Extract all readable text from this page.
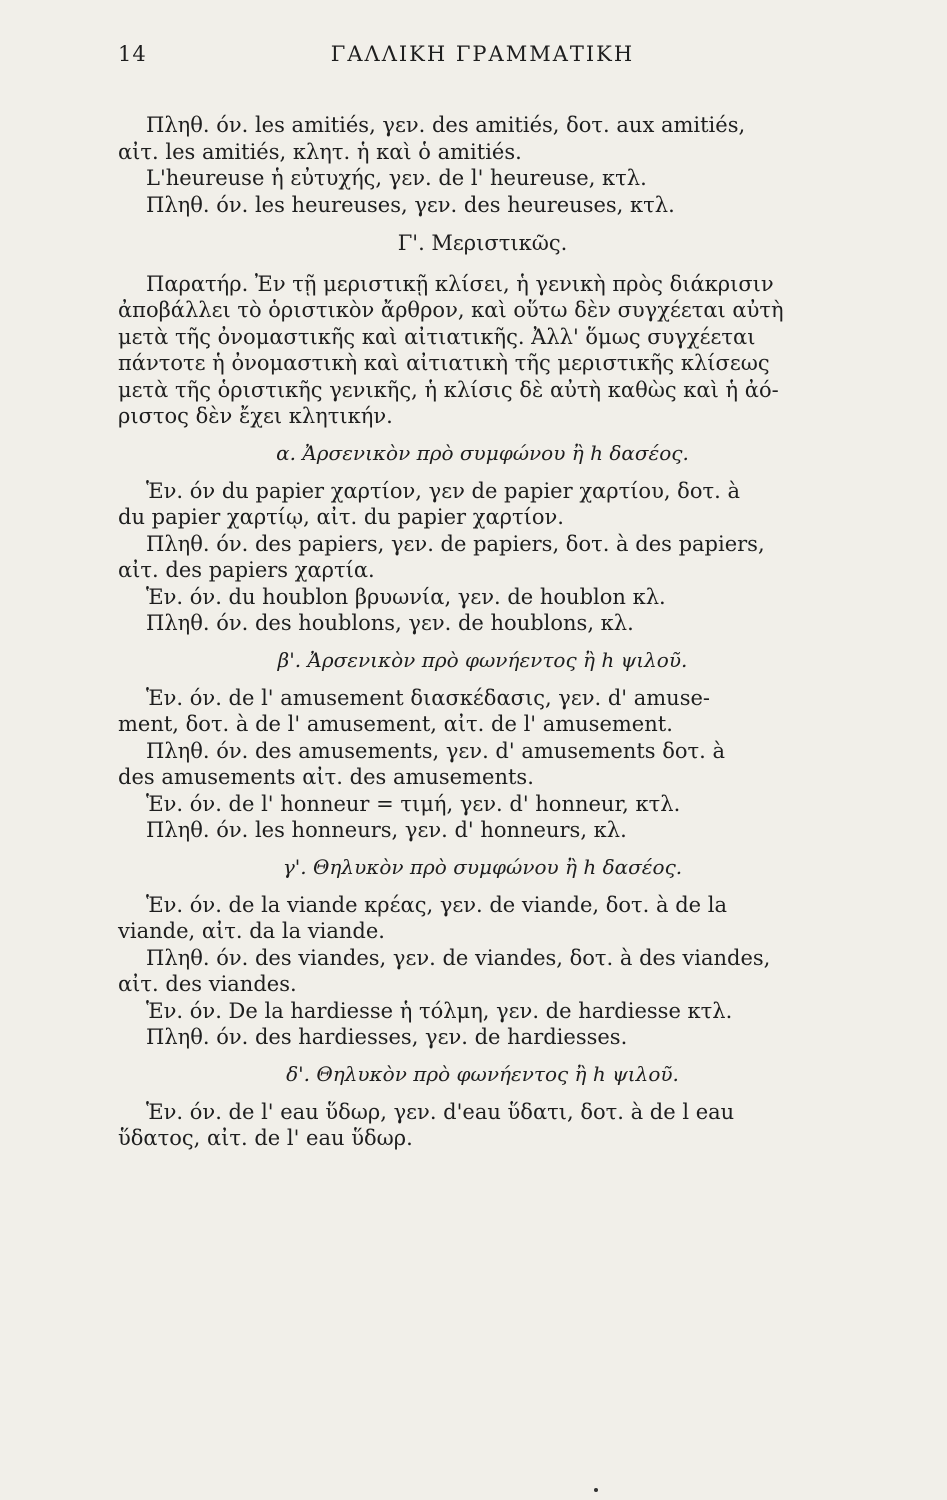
14	ΓΑΛΛΙΚΗ ΓΡΑΜΜΑΤΙΚΗ
Πληθ. όν. les amitiés, γεν. des amitiés, δοτ. aux amitiés,
αἰτ. les amitiés, κλητ. ἡ καὶ ὁ amitiés.
L'heureuse ἡ εὐτυχής, γεν. de l' heureuse, κτλ.
Πληθ. όν. les heureuses, γεν. des heureuses, κτλ.
Γ'. Μεριστικῶς.
Παρατήρ. Ἐν τῇ μεριστικῇ κλίσει, ἡ γενικὴ πρὸς διάκρισιν
ἀποβάλλει τὸ ὁριστικὸν ἄρθρον, καὶ οὕτω δὲν συγχέεται αὐτὴ
μετὰ τῆς ὀνομαστικῆς καὶ αἰτιατικῆς. Ἀλλ' ὅμως συγχέεται
πάντοτε ἡ ὀνομαστικὴ καὶ αἰτιατικὴ τῆς μεριστικῆς κλίσεως
μετὰ τῆς ὁριστικῆς γενικῆς, ἡ κλίσις δὲ αὐτὴ καθὼς καὶ ἡ ἀό-
ριστος δὲν ἔχει κλητικήν.
α. Ἀρσενικὸν πρὸ συμφώνου ἢ h δασέος.
Ἑν. όν du papier χαρτίον, γεν de papier χαρτίου, δοτ. à
du papier χαρτίῳ, αἰτ. du papier χαρτίον.
Πληθ. όν. des papiers, γεν. de papiers, δοτ. à des papiers,
αἰτ. des papiers χαρτία.
Ἑν. όν. du houblon βρυωνία, γεν. de houblon κλ.
Πληθ. όν. des houblons, γεν. de houblons, κλ.
β'. Ἀρσενικὸν πρὸ φωνήεντος ἢ h ψιλοῦ.
Ἑν. όν. de l' amusement διασκέδασις, γεν. d' amuse-
ment, δοτ. à de l' amusement, αἰτ. de l' amusement.
Πληθ. όν. des amusements, γεν. d' amusements δοτ. à
des amusements αἰτ. des amusements.
Ἑν. όν. de l' honneur = τιμή, γεν. d' honneur, κτλ.
Πληθ. όν. les honneurs, γεν. d' honneurs, κλ.
γ'. Θηλυκὸν πρὸ συμφώνου ἢ h δασέος.
Ἑν. όν. de la viande κρέας, γεν. de viande, δοτ. à de la
viande, αἰτ. da la viande.
Πληθ. όν. des viandes, γεν. de viandes, δοτ. à des viandes,
αἰτ. des viandes.
Ἑν. όν. De la hardiesse ἡ τόλμη, γεν. de hardiesse κτλ.
Πληθ. όν. des hardiesses, γεν. de hardiesses.
δ'. Θηλυκὸν πρὸ φωνήεντος ἢ h ψιλοῦ.
Ἑν. όν. de l' eau ὕδωρ, γεν. d'eau ὕδατι, δοτ. à de l eau
ὕδατος, αἰτ. de l' eau ὕδωρ.
